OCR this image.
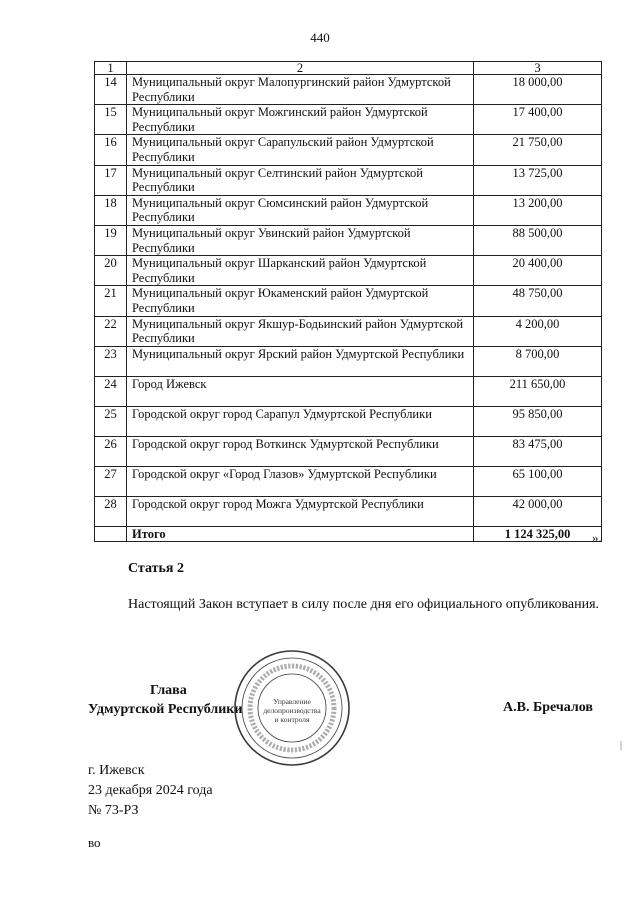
440
1	2	3
14	Муниципальный округ Малопургинский район Удмуртской Республики	18 000,00
15	Муниципальный округ Можгинский район Удмуртской Республики	17 400,00
16	Муниципальный округ Сарапульский район Удмуртской Республики	21 750,00
17	Муниципальный округ Селтинский район Удмуртской Республики	13 725,00
18	Муниципальный округ Сюмсинский район Удмуртской Республики	13 200,00
19	Муниципальный округ Увинский район Удмуртской Республики	88 500,00
20	Муниципальный округ Шарканский район Удмуртской Республики	20 400,00
21	Муниципальный округ Юкаменский район Удмуртской Республики	48 750,00
22	Муниципальный округ Якшур-Бодьинский район Удмуртской Республики	4 200,00
23	Муниципальный округ Ярский район Удмуртской Республики	8 700,00
24	Город Ижевск	211 650,00
25	Городской округ город Сарапул Удмуртской Республики	95 850,00
26	Городской округ город Воткинск Удмуртской Республики	83 475,00
27	Городской округ «Город Глазов» Удмуртской Республики	65 100,00
28	Городской округ город Можга Удмуртской Республики	42 000,00
	Итого	1 124 325,00 ».
Статья 2
Настоящий Закон вступает в силу после дня его официального опубликования.
Глава
Удмуртской Республики
Управление
делопроизводства
и контроля
А.В. Бречалов
|
г. Ижевск
23 декабря 2024 года
№ 73-РЗ
во
